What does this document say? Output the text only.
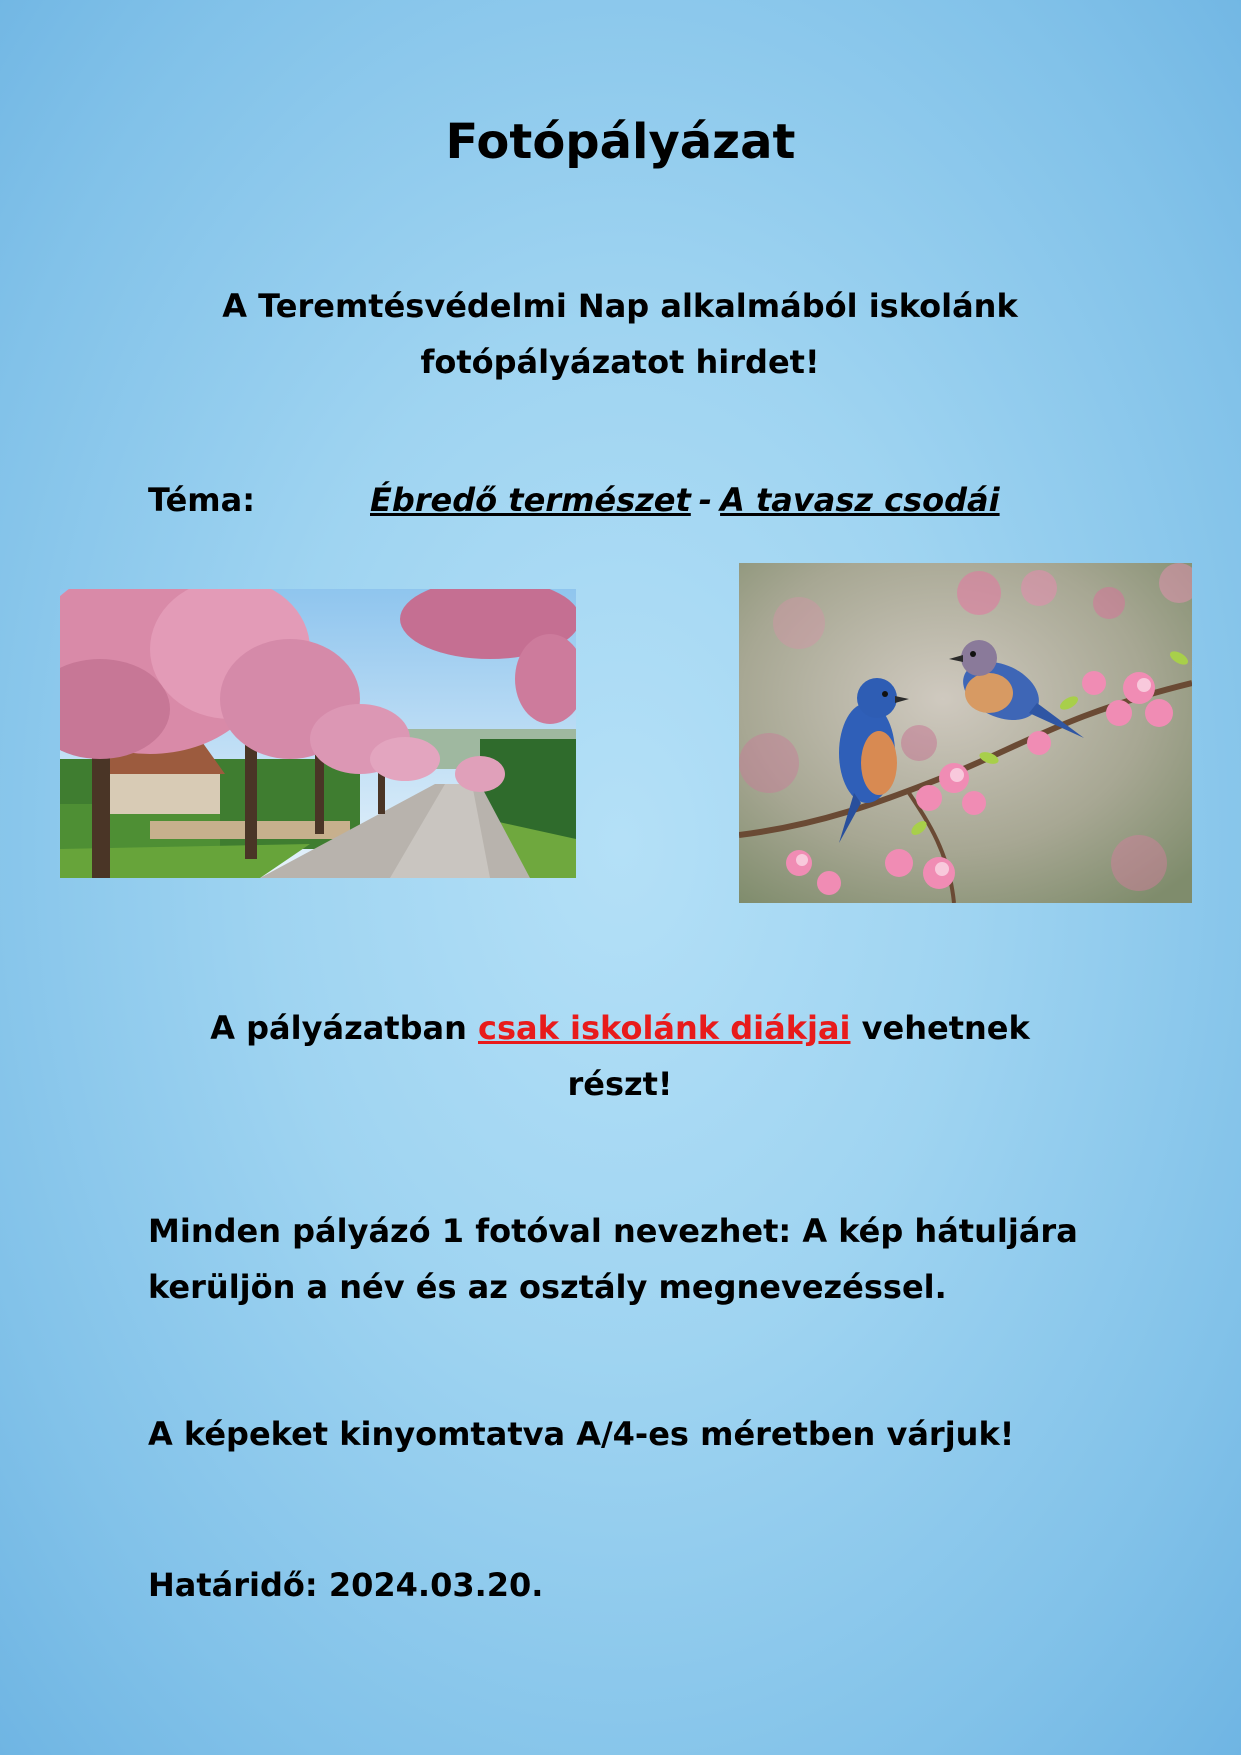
Fotópályázat
A Teremtésvédelmi Nap alkalmából iskolánk fotópályázatot hirdet!
Téma:	Ébredő természet - A tavasz csodái
A pályázatban csak iskolánk diákjai vehetnek részt!
Minden pályázó 1 fotóval nevezhet: A kép hátuljára kerüljön a név és az osztály megnevezéssel.
A képeket kinyomtatva A/4-es méretben várjuk!
Határidő: 2024.03.20.
